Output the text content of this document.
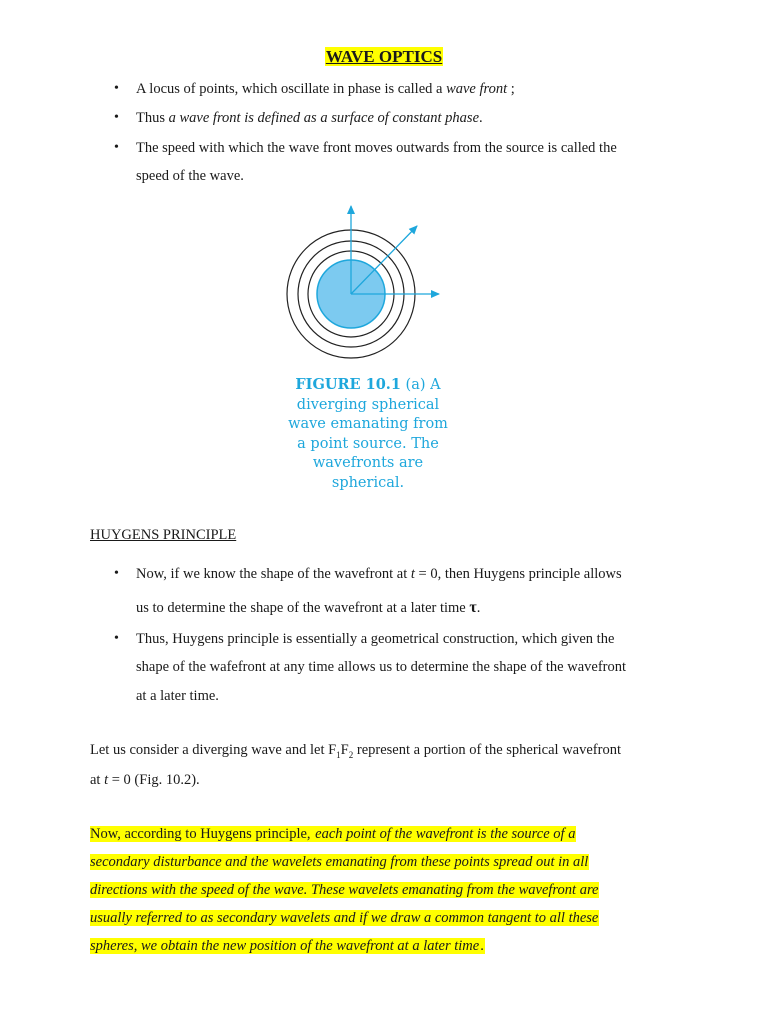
WAVE OPTICS
• A locus of points, which oscillate in phase is called a wave front ;
• Thus a wave front is defined as a surface of constant phase.
• The speed with which the wave front moves outwards from the source is called the
speed of the wave.
FIGURE 10.1 (a) A
diverging spherical
wave emanating from
a point source. The
wavefronts are
spherical.
HUYGENS PRINCIPLE
• Now, if we know the shape of the wavefront at t = 0, then Huygens principle allows
us to determine the shape of the wavefront at a later time τ.
• Thus, Huygens principle is essentially a geometrical construction, which given the
shape of the wafefront at any time allows us to determine the shape of the wavefront
at a later time.
Let us consider a diverging wave and let $F_1F_2$ represent a portion of the spherical wavefront
at t = 0 (Fig. 10.2).
Now, according to Huygens principle, each point of the wavefront is the source of a
secondary disturbance and the wavelets emanating from these points spread out in all
directions with the speed of the wave. These wavelets emanating from the wavefront are
usually referred to as secondary wavelets and if we draw a common tangent to all these
spheres, we obtain the new position of the wavefront at a later time.
